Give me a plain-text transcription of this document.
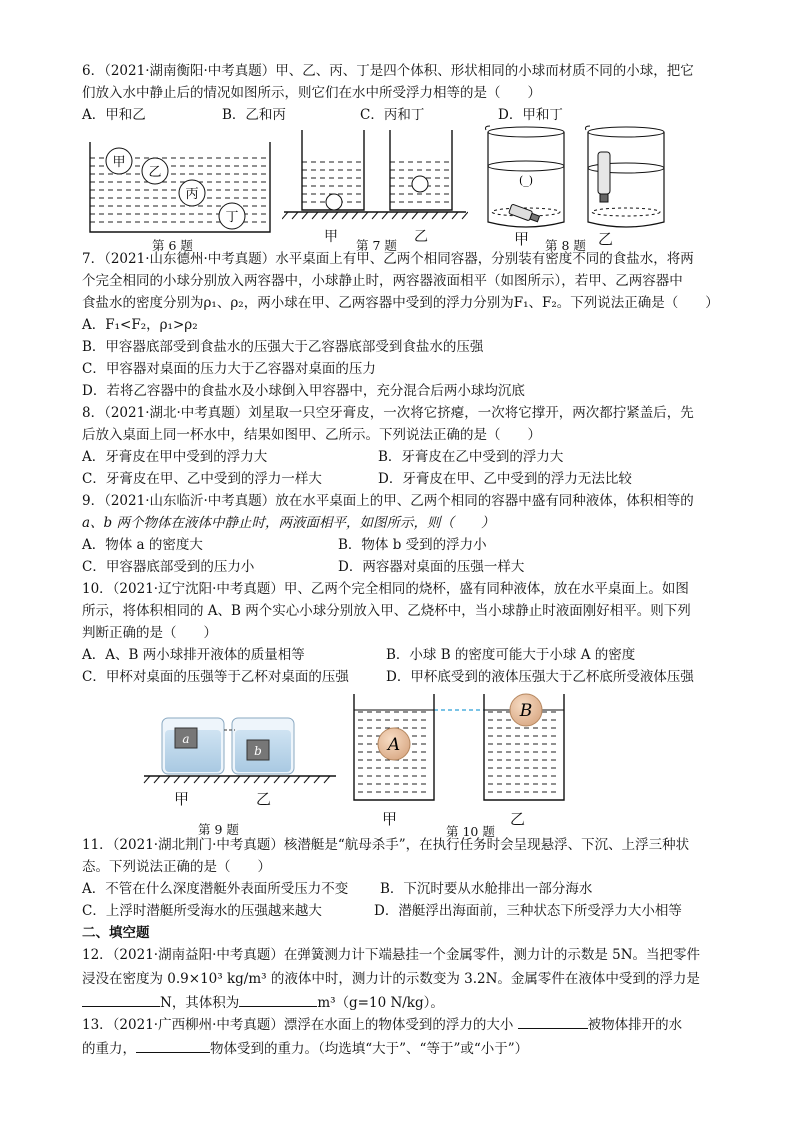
6．（2021·湖南衡阳·中考真题）甲、乙、丙、丁是四个体积、形状相同的小球而材质不同的小球，把它
们放入水中静止后的情况如图所示，则它们在水中所受浮力相等的是（　　）
A．甲和乙	B．乙和丙	C．丙和丁	D．甲和丁
甲
乙
丙
丁
第 6 题
甲
第 7 题
乙
(_)
甲 第 8 题 乙
7．（2021·山东德州·中考真题）水平桌面上有甲、乙两个相同容器，分别装有密度不同的食盐水，将两
个完全相同的小球分别放入两容器中，小球静止时，两容器液面相平（如图所示），若甲、乙两容器中
食盐水的密度分别为ρ₁、ρ₂，两小球在甲、乙两容器中受到的浮力分别为F₁、F₂。下列说法正确是（　　）
A．F₁<F₂，ρ₁>ρ₂
B．甲容器底部受到食盐水的压强大于乙容器底部受到食盐水的压强
C．甲容器对桌面的压力大于乙容器对桌面的压力
D．若将乙容器中的食盐水及小球倒入甲容器中，充分混合后两小球均沉底
8．（2021·湖北·中考真题）刘星取一只空牙膏皮，一次将它挤瘪，一次将它撑开，两次都拧紧盖后，先
后放入桌面上同一杯水中，结果如图甲、乙所示。下列说法正确的是（　　）
A．牙膏皮在甲中受到的浮力大	B．牙膏皮在乙中受到的浮力大
C．牙膏皮在甲、乙中受到的浮力一样大	D．牙膏皮在甲、乙中受到的浮力无法比较
9．（2021·山东临沂·中考真题）放在水平桌面上的甲、乙两个相同的容器中盛有同种液体，体积相等的
a、b 两个物体在液体中静止时，两液面相平，如图所示，则（　　）
A．物体 a 的密度大	B．物体 b 受到的浮力小
C．甲容器底部受到的压力小	D．两容器对桌面的压强一样大
10．（2021·辽宁沈阳·中考真题）甲、乙两个完全相同的烧杯，盛有同种液体，放在水平桌面上。如图
所示，将体积相同的 A、B 两个实心小球分别放入甲、乙烧杯中，当小球静止时液面刚好相平。则下列
判断正确的是（　　）
A．A、B 两小球排开液体的质量相等	B．小球 B 的密度可能大于小球 A 的密度
C．甲杯对桌面的压强等于乙杯对桌面的压强	D．甲杯底受到的液体压强大于乙杯底所受液体压强
a
b
甲	乙
第 9 题
A
B
甲	乙
第 10 题
11．（2021·湖北荆门·中考真题）核潜艇是“航母杀手”，在执行任务时会呈现悬浮、下沉、上浮三种状
态。下列说法正确的是（　　）
A．不管在什么深度潜艇外表面所受压力不变 B．下沉时要从水舱排出一部分海水
C．上浮时潜艇所受海水的压强越来越大	D．潜艇浮出海面前，三种状态下所受浮力大小相等
二、填空题
12．（2021·湖南益阳·中考真题）在弹簧测力计下端悬挂一个金属零件，测力计的示数是 5N。当把零件
浸没在密度为 0.9×10³ kg/m³ 的液体中时，测力计的示数变为 3.2N。金属零件在液体中受到的浮力是
N，其体积为	m³（g=10 N/kg）。
13．（2021·广西柳州·中考真题）漂浮在水面上的物体受到的浮力的大小	被物体排开的水
的重力，	物体受到的重力。（均选填“大于”、“等于”或“小于”）
